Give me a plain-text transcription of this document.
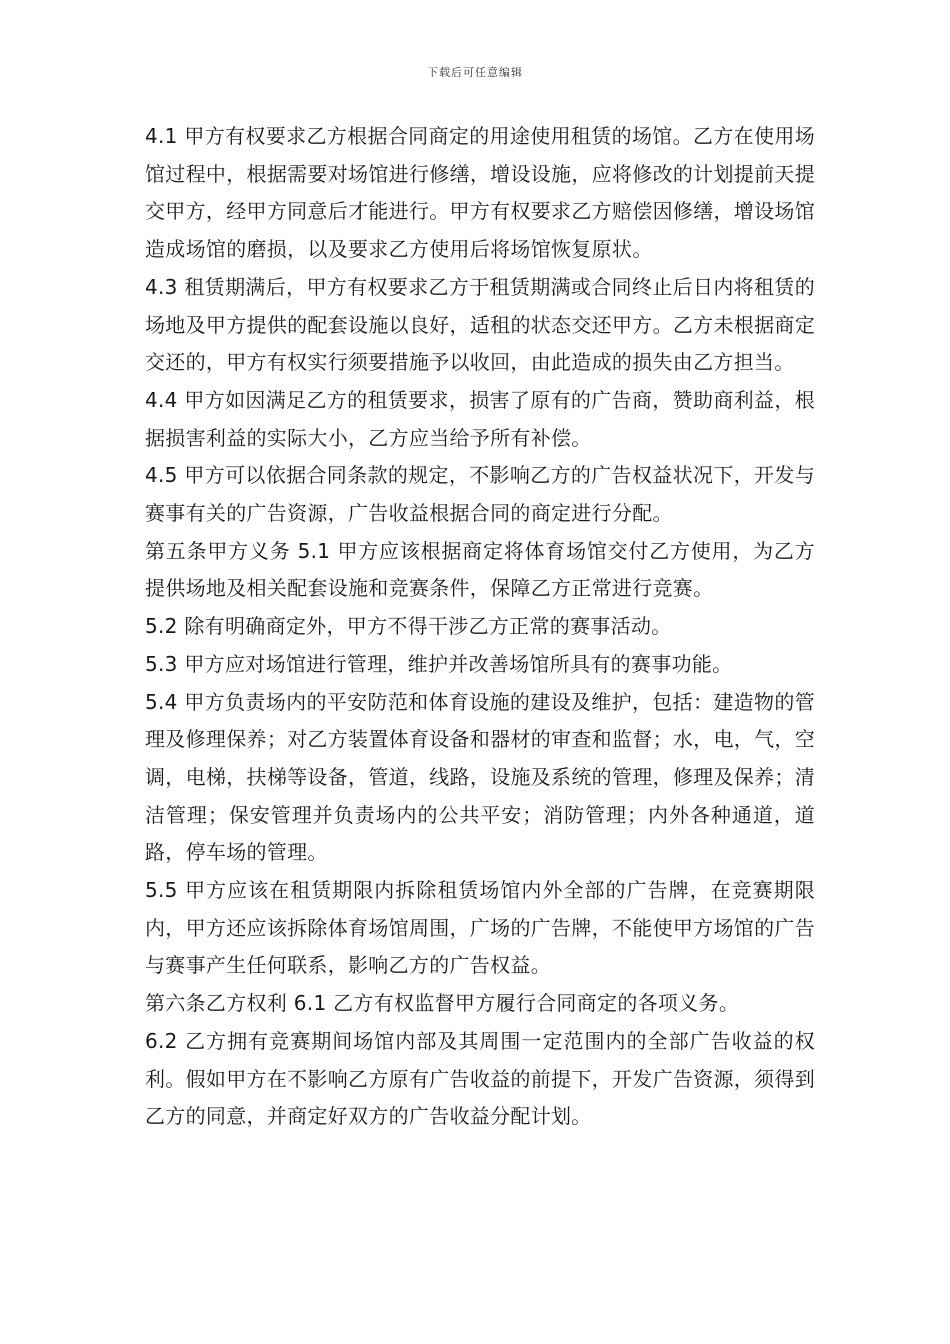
下载后可任意编辑

4.1 甲方有权要求乙方根据合同商定的用途使用租赁的场馆。乙方在使用场馆过程中，根据需要对场馆进行修缮，增设设施，应将修改的计划提前天提交甲方，经甲方同意后才能进行。甲方有权要求乙方赔偿因修缮，增设场馆造成场馆的磨损，以及要求乙方使用后将场馆恢复原状。

4.3 租赁期满后，甲方有权要求乙方于租赁期满或合同终止后日内将租赁的场地及甲方提供的配套设施以良好，适租的状态交还甲方。乙方未根据商定交还的，甲方有权实行须要措施予以收回，由此造成的损失由乙方担当。

4.4 甲方如因满足乙方的租赁要求，损害了原有的广告商，赞助商利益，根据损害利益的实际大小，乙方应当给予所有补偿。

4.5 甲方可以依据合同条款的规定，不影响乙方的广告权益状况下，开发与赛事有关的广告资源，广告收益根据合同的商定进行分配。

第五条甲方义务 5.1 甲方应该根据商定将体育场馆交付乙方使用，为乙方提供场地及相关配套设施和竞赛条件，保障乙方正常进行竞赛。

5.2 除有明确商定外，甲方不得干涉乙方正常的赛事活动。

5.3 甲方应对场馆进行管理，维护并改善场馆所具有的赛事功能。

5.4 甲方负责场内的平安防范和体育设施的建设及维护，包括：建造物的管理及修理保养；对乙方装置体育设备和器材的审查和监督；水，电，气，空调，电梯，扶梯等设备，管道，线路，设施及系统的管理，修理及保养；清洁管理；保安管理并负责场内的公共平安；消防管理；内外各种通道，道路，停车场的管理。

5.5 甲方应该在租赁期限内拆除租赁场馆内外全部的广告牌，在竞赛期限内，甲方还应该拆除体育场馆周围，广场的广告牌，不能使甲方场馆的广告与赛事产生任何联系，影响乙方的广告权益。

第六条乙方权利 6.1 乙方有权监督甲方履行合同商定的各项义务。

6.2 乙方拥有竞赛期间场馆内部及其周围一定范围内的全部广告收益的权利。假如甲方在不影响乙方原有广告收益的前提下，开发广告资源，须得到乙方的同意，并商定好双方的广告收益分配计划。
